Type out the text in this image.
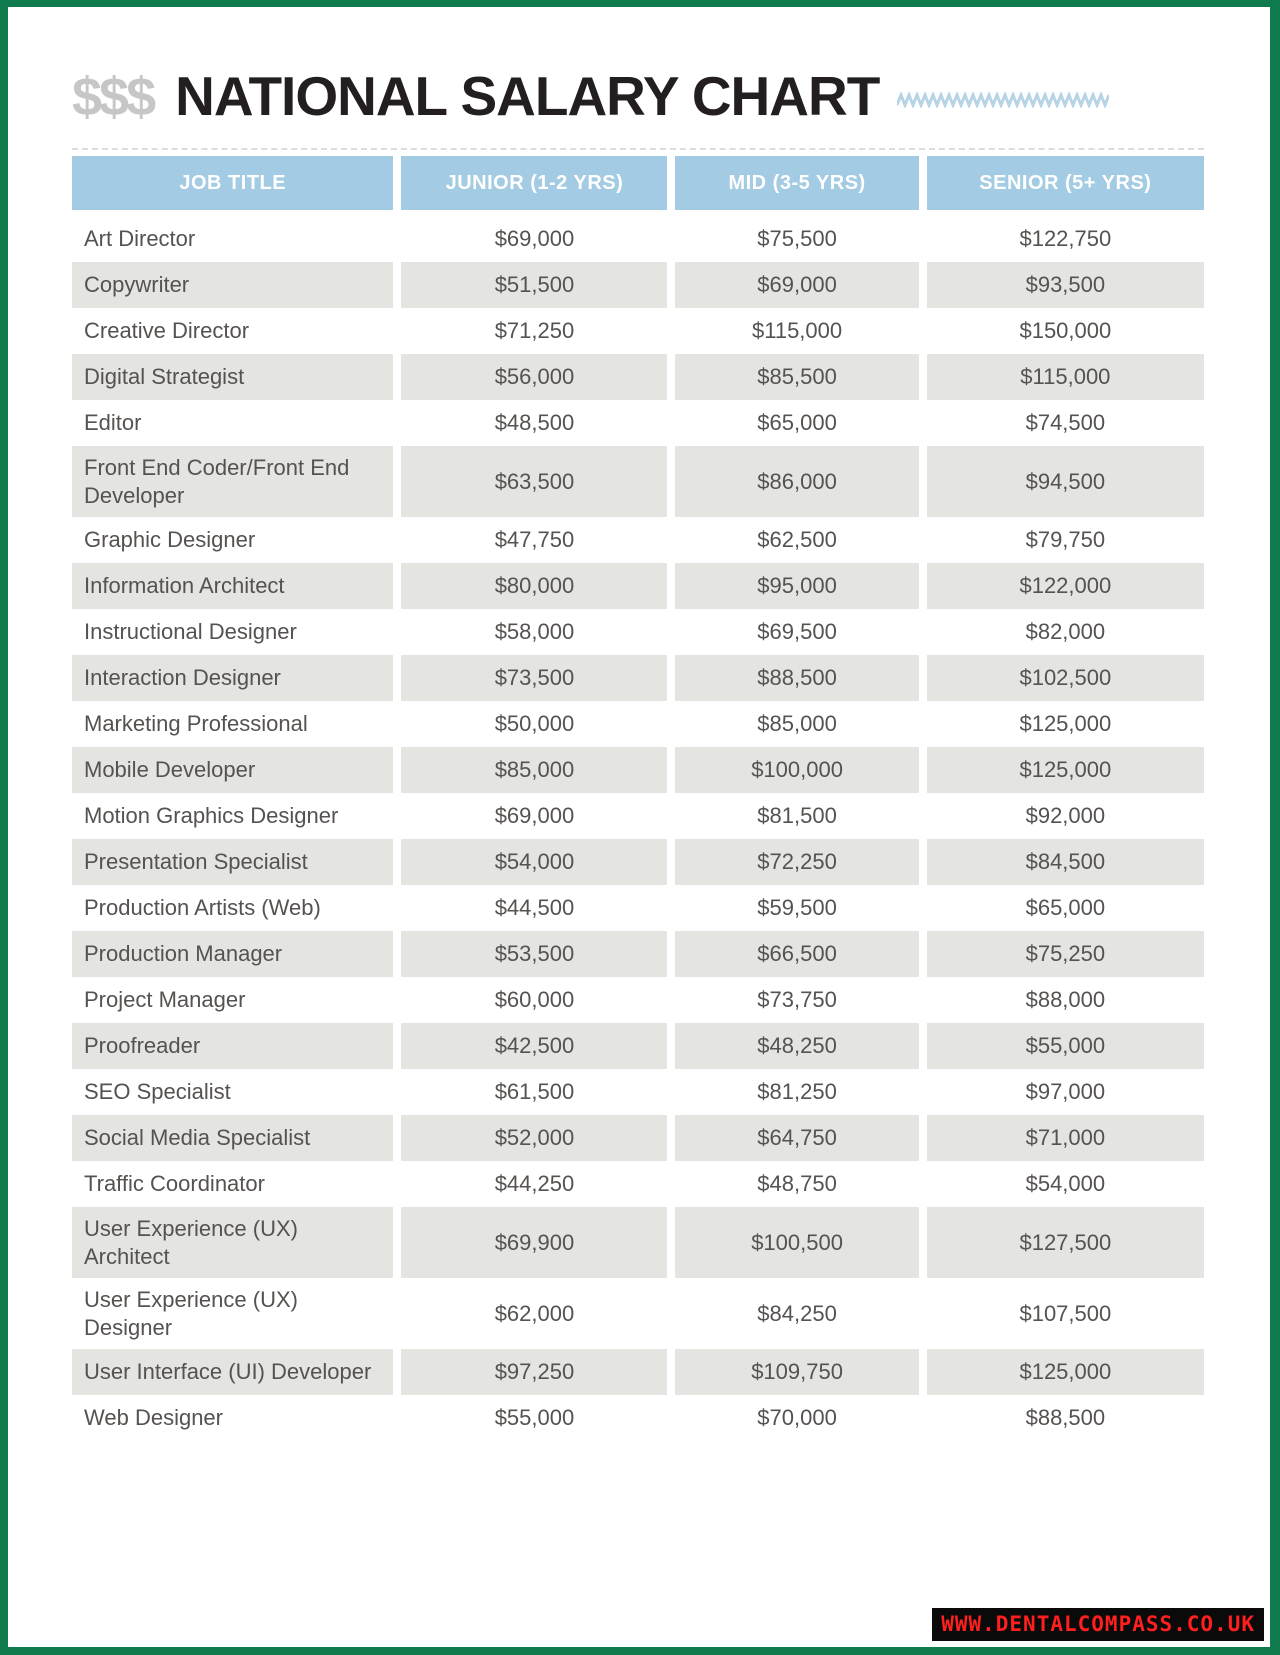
$$$ NATIONAL SALARY CHART
JOB TITLE	JUNIOR (1-2 YRS)	MID (3-5 YRS)	SENIOR (5+ YRS)
Art Director	$69,000	$75,500	$122,750
Copywriter	$51,500	$69,000	$93,500
Creative Director	$71,250	$115,000	$150,000
Digital Strategist	$56,000	$85,500	$115,000
Editor	$48,500	$65,000	$74,500
Front End Coder/Front End Developer	$63,500	$86,000	$94,500
Graphic Designer	$47,750	$62,500	$79,750
Information Architect	$80,000	$95,000	$122,000
Instructional Designer	$58,000	$69,500	$82,000
Interaction Designer	$73,500	$88,500	$102,500
Marketing Professional	$50,000	$85,000	$125,000
Mobile Developer	$85,000	$100,000	$125,000
Motion Graphics Designer	$69,000	$81,500	$92,000
Presentation Specialist	$54,000	$72,250	$84,500
Production Artists (Web)	$44,500	$59,500	$65,000
Production Manager	$53,500	$66,500	$75,250
Project Manager	$60,000	$73,750	$88,000
Proofreader	$42,500	$48,250	$55,000
SEO Specialist	$61,500	$81,250	$97,000
Social Media Specialist	$52,000	$64,750	$71,000
Traffic Coordinator	$44,250	$48,750	$54,000
User Experience (UX) Architect	$69,900	$100,500	$127,500
User Experience (UX) Designer	$62,000	$84,250	$107,500
User Interface (UI) Developer	$97,250	$109,750	$125,000
Web Designer	$55,000	$70,000	$88,500
WWW.DENTALCOMPASS.CO.UK
